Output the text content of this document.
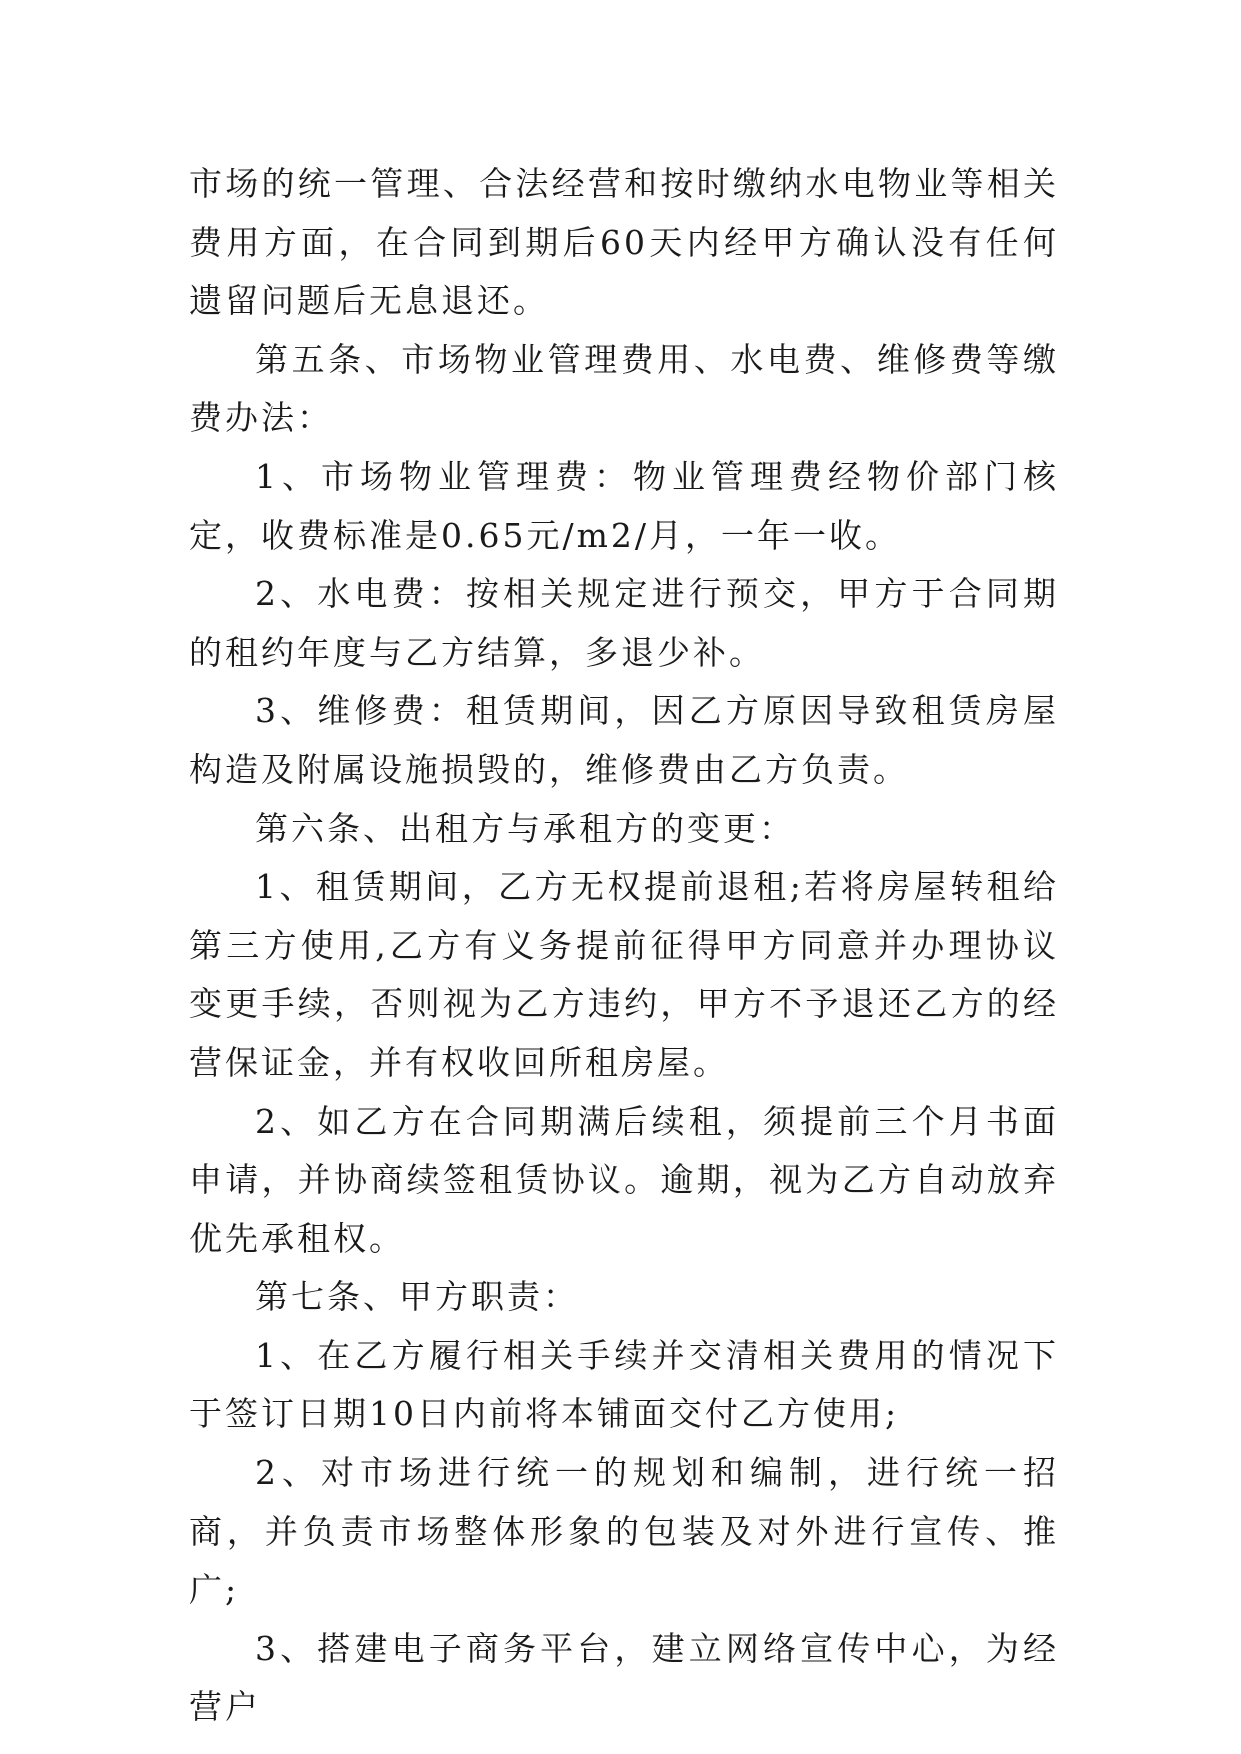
市场的统一管理、合法经营和按时缴纳水电物业等相关费用方面，在合同到期后60天内经甲方确认没有任何遗留问题后无息退还。

第五条、市场物业管理费用、水电费、维修费等缴费办法：

1、市场物业管理费：物业管理费经物价部门核定，收费标准是0.65元/m2/月，一年一收。

2、水电费：按相关规定进行预交，甲方于合同期的租约年度与乙方结算，多退少补。

3、维修费：租赁期间，因乙方原因导致租赁房屋构造及附属设施损毁的，维修费由乙方负责。

第六条、出租方与承租方的变更：

1、租赁期间，乙方无权提前退租;若将房屋转租给第三方使用,乙方有义务提前征得甲方同意并办理协议变更手续，否则视为乙方违约，甲方不予退还乙方的经营保证金，并有权收回所租房屋。

2、如乙方在合同期满后续租，须提前三个月书面申请，并协商续签租赁协议。逾期，视为乙方自动放弃优先承租权。

第七条、甲方职责：

1、在乙方履行相关手续并交清相关费用的情况下于签订日期10日内前将本铺面交付乙方使用;

2、对市场进行统一的规划和编制，进行统一招商，并负责市场整体形象的包装及对外进行宣传、推广;

3、搭建电子商务平台，建立网络宣传中心，为经营户
